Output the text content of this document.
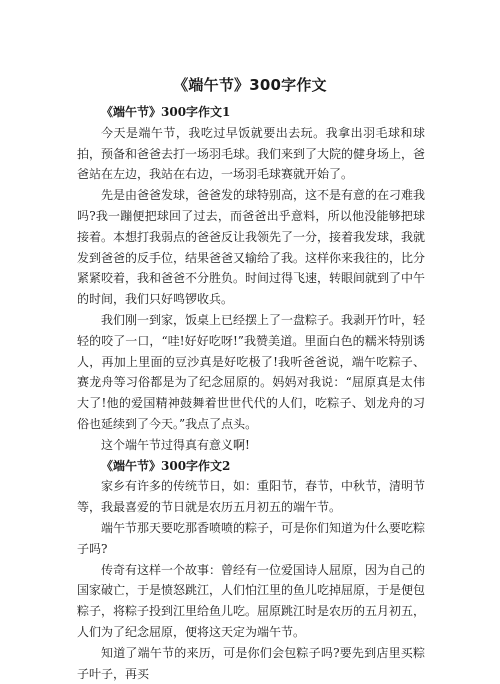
《端午节》300字作文
《端午节》300字作文1

今天是端午节，我吃过早饭就要出去玩。我拿出羽毛球和球拍，预备和爸爸去打一场羽毛球。我们来到了大院的健身场上，爸爸站在左边，我站在右边，一场羽毛球赛就开始了。

先是由爸爸发球，爸爸发的球特别高，这不是有意的在刁难我吗?我一蹦便把球回了过去，而爸爸出乎意料，所以他没能够把球接着。本想打我弱点的爸爸反让我领先了一分，接着我发球，我就发到爸爸的反手位，结果爸爸又输给了我。这样你来我往的，比分紧紧咬着，我和爸爸不分胜负。时间过得飞速，转眼间就到了中午的时间，我们只好鸣锣收兵。

我们刚一到家，饭桌上已经摆上了一盘粽子。我剥开竹叶，轻轻的咬了一口，“哇!好好吃呀!”我赞美道。里面白色的糯米特别诱人，再加上里面的豆沙真是好吃极了!我听爸爸说，端午吃粽子、赛龙舟等习俗都是为了纪念屈原的。妈妈对我说：“屈原真是太伟大了!他的爱国精神鼓舞着世世代代的人们，吃粽子、划龙舟的习俗也延续到了今天。”我点了点头。

这个端午节过得真有意义啊!

《端午节》300字作文2

家乡有许多的传统节日，如：重阳节，春节，中秋节，清明节等，我最喜爱的节日就是农历五月初五的端午节。

端午节那天要吃那香喷喷的粽子，可是你们知道为什么要吃粽子吗?

传奇有这样一个故事：曾经有一位爱国诗人屈原，因为自己的国家破亡，于是愤怒跳江，人们怕江里的鱼儿吃掉屈原，于是便包粽子，将粽子投到江里给鱼儿吃。屈原跳江时是农历的五月初五，人们为了纪念屈原，便将这天定为端午节。

知道了端午节的来历，可是你们会包粽子吗?要先到店里买粽子叶子，再买
